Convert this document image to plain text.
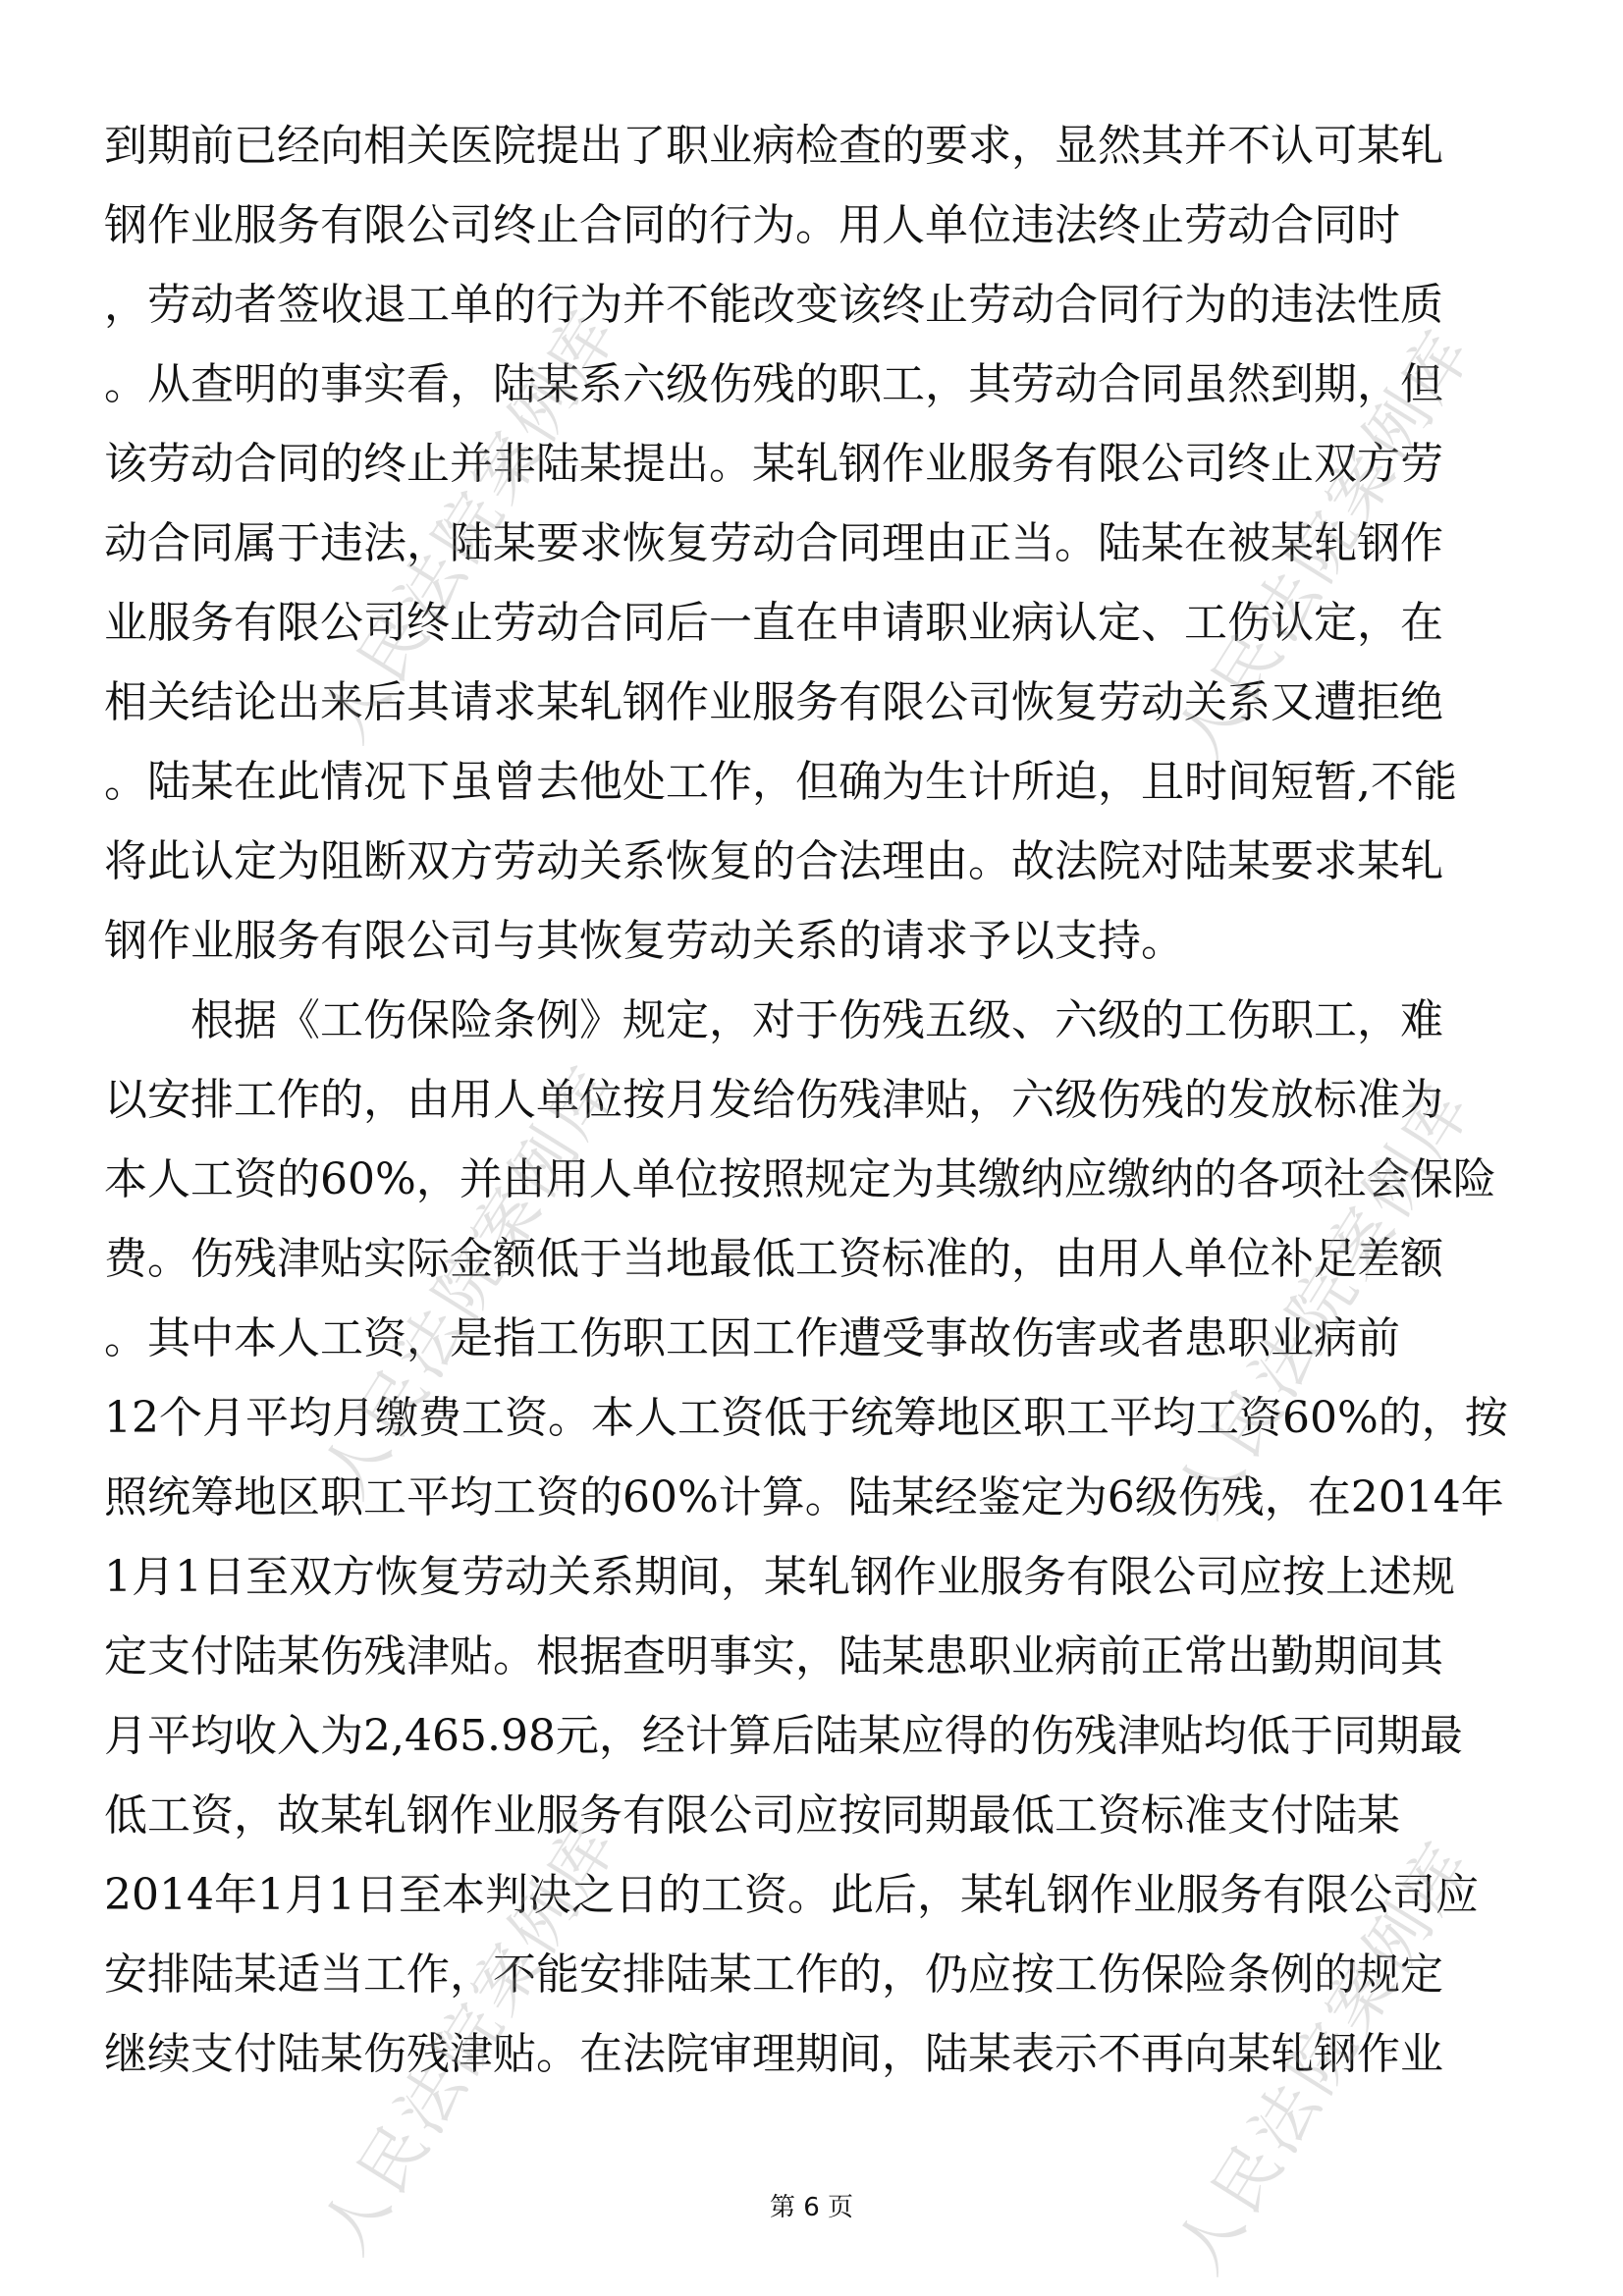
到期前已经向相关医院提出了职业病检查的要求，显然其并不认可某轧
钢作业服务有限公司终止合同的行为。用人单位违法终止劳动合同时
，劳动者签收退工单的行为并不能改变该终止劳动合同行为的违法性质
。从查明的事实看，陆某系六级伤残的职工，其劳动合同虽然到期，但
该劳动合同的终止并非陆某提出。某轧钢作业服务有限公司终止双方劳
动合同属于违法，陆某要求恢复劳动合同理由正当。陆某在被某轧钢作
业服务有限公司终止劳动合同后一直在申请职业病认定、工伤认定，在
相关结论出来后其请求某轧钢作业服务有限公司恢复劳动关系又遭拒绝
。陆某在此情况下虽曾去他处工作，但确为生计所迫，且时间短暂,不能
将此认定为阻断双方劳动关系恢复的合法理由。故法院对陆某要求某轧
钢作业服务有限公司与其恢复劳动关系的请求予以支持。
　　根据《工伤保险条例》规定，对于伤残五级、六级的工伤职工，难
以安排工作的，由用人单位按月发给伤残津贴，六级伤残的发放标准为
本人工资的60%，并由用人单位按照规定为其缴纳应缴纳的各项社会保险
费。伤残津贴实际金额低于当地最低工资标准的，由用人单位补足差额
。其中本人工资，是指工伤职工因工作遭受事故伤害或者患职业病前
12个月平均月缴费工资。本人工资低于统筹地区职工平均工资60%的，按
照统筹地区职工平均工资的60%计算。陆某经鉴定为6级伤残，在2014年
1月1日至双方恢复劳动关系期间，某轧钢作业服务有限公司应按上述规
定支付陆某伤残津贴。根据查明事实，陆某患职业病前正常出勤期间其
月平均收入为2,465.98元，经计算后陆某应得的伤残津贴均低于同期最
低工资，故某轧钢作业服务有限公司应按同期最低工资标准支付陆某
2014年1月1日至本判决之日的工资。此后，某轧钢作业服务有限公司应
安排陆某适当工作，不能安排陆某工作的，仍应按工伤保险条例的规定
继续支付陆某伤残津贴。在法院审理期间，陆某表示不再向某轧钢作业
人民法院案例库	人民法院案例库
人民法院案例库	人民法院案例库
人民法院案例库	人民法院案例库
第 6 页
